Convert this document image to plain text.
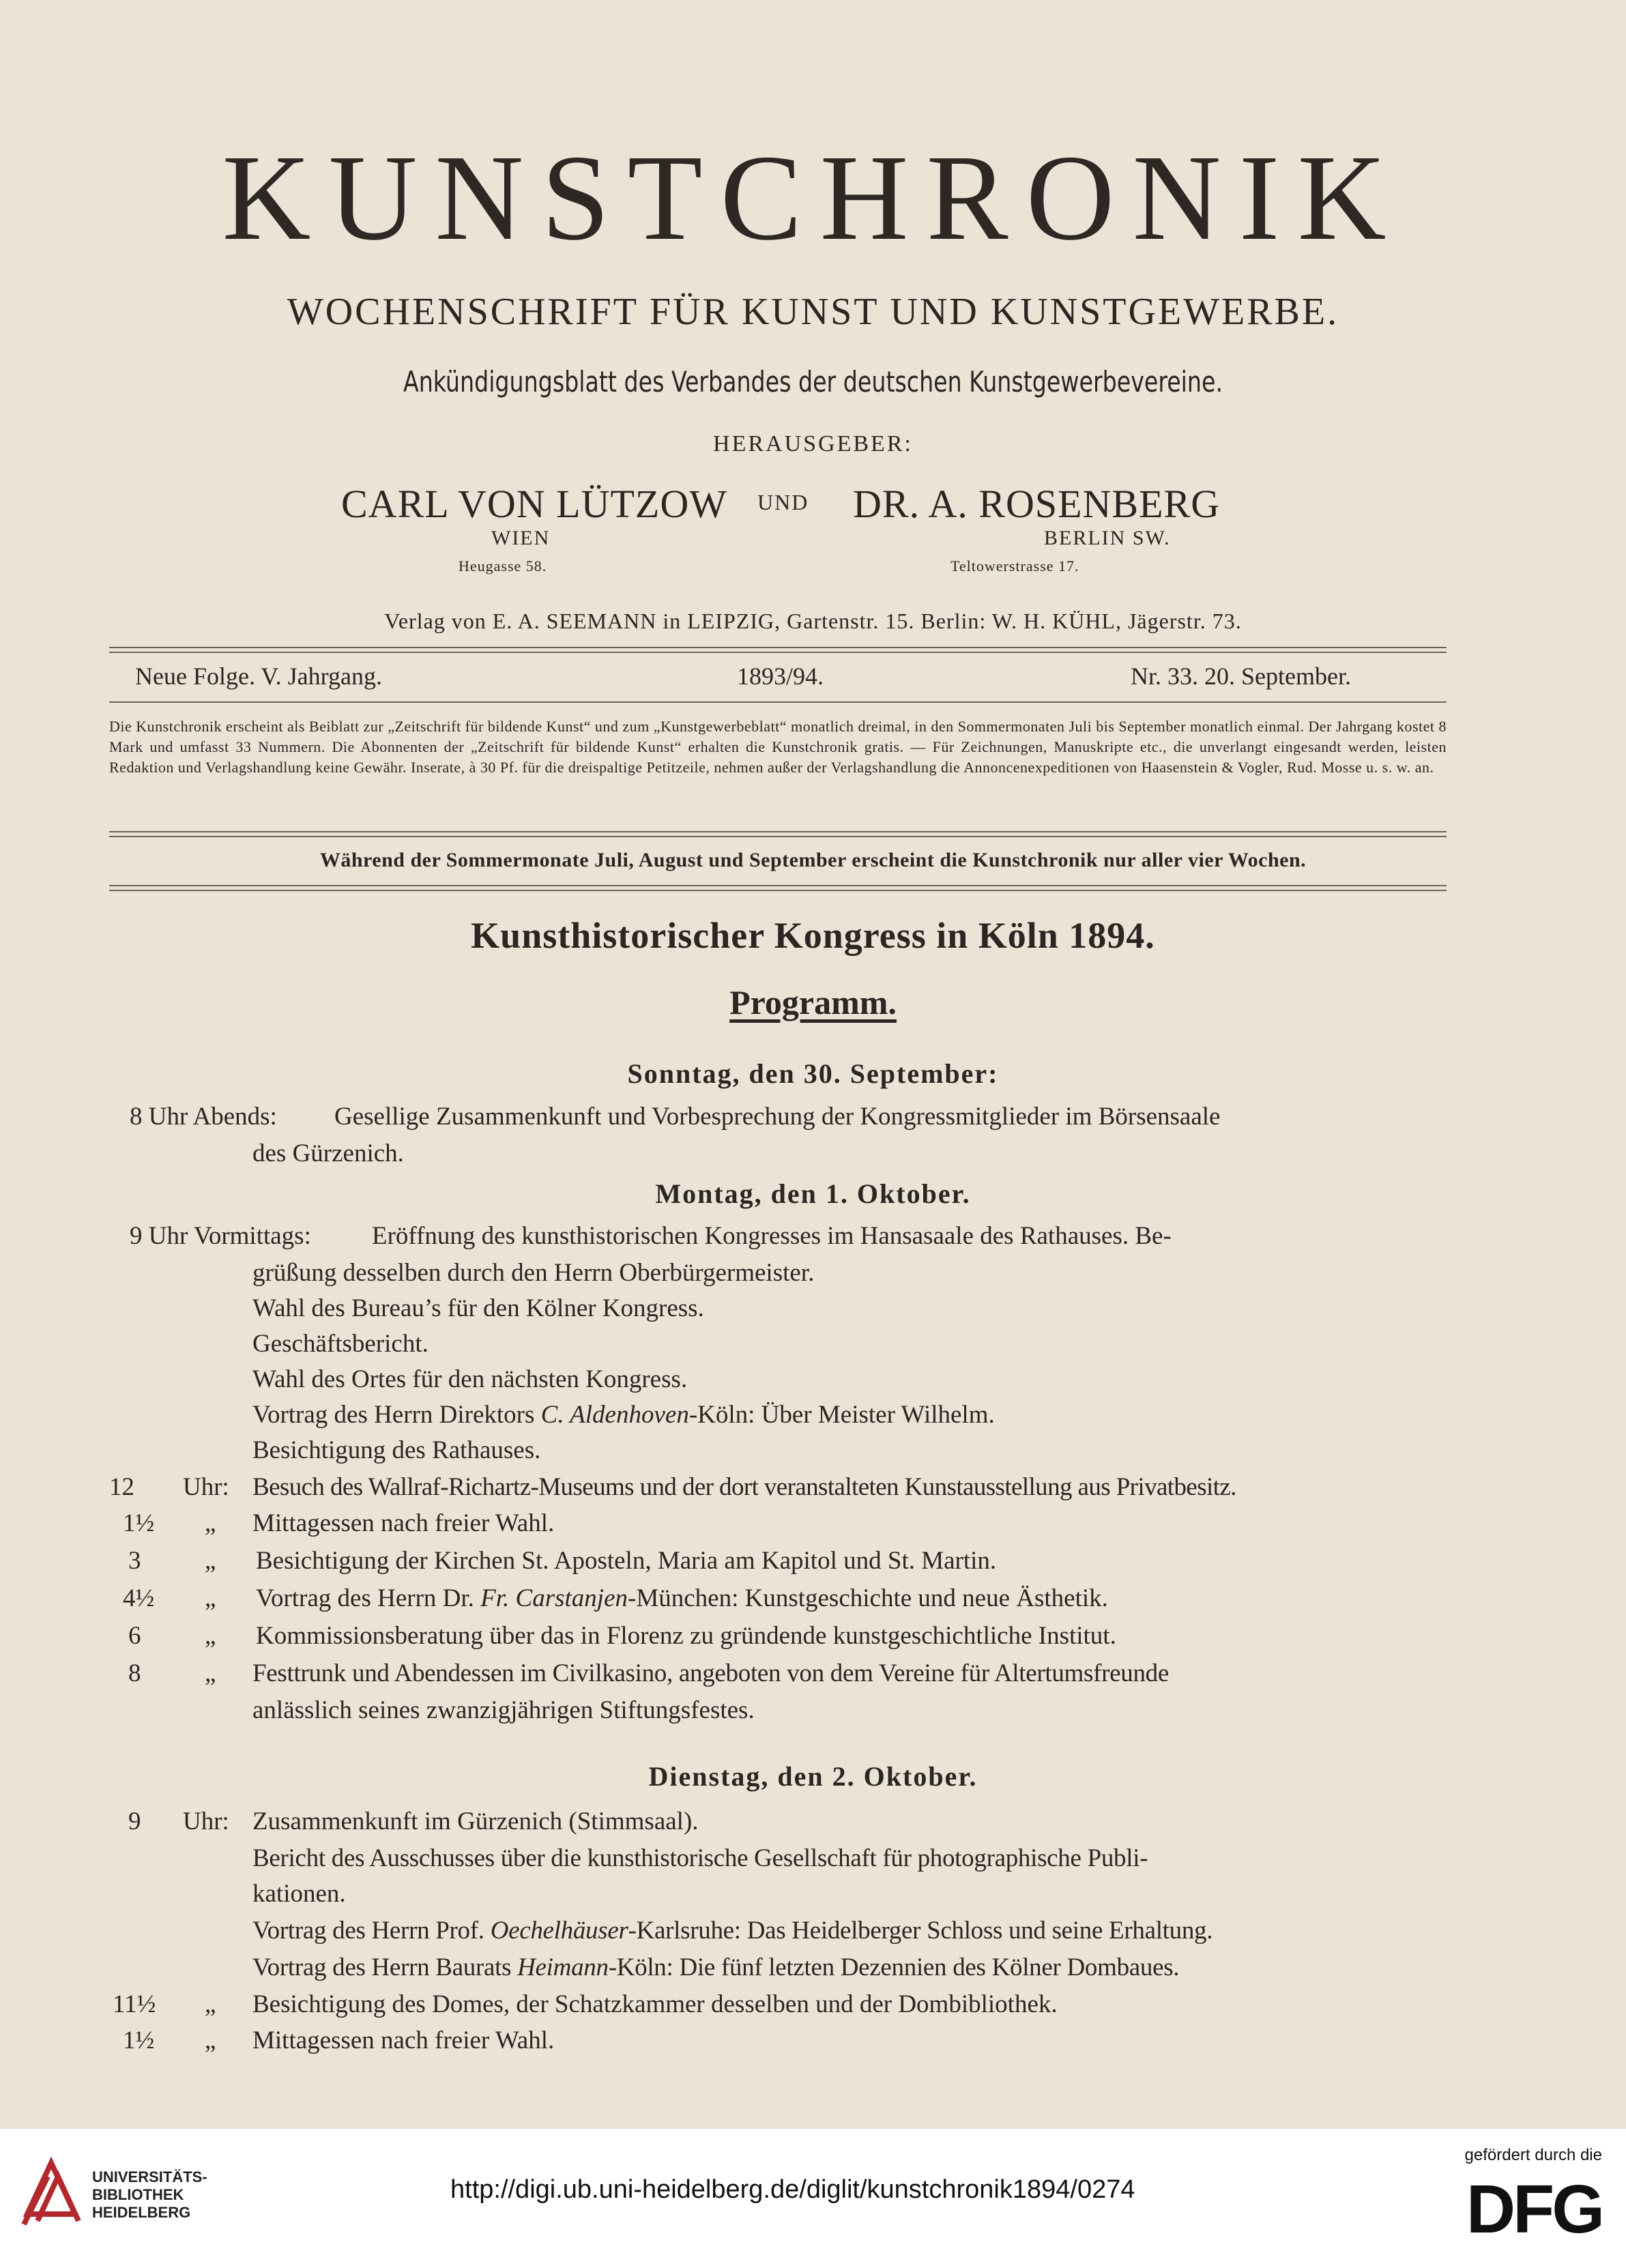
KUNSTCHRONIK
WOCHENSCHRIFT FÜR KUNST UND KUNSTGEWERBE.
Ankündigungsblatt des Verbandes der deutschen Kunstgewerbevereine.
HERAUSGEBER:
CARL VON LÜTZOW UND DR. A. ROSENBERG
WIEN
Heugasse 58.
BERLIN SW.
Teltowerstrasse 17.
Verlag von E. A. SEEMANN in LEIPZIG, Gartenstr. 15. Berlin: W. H. KÜHL, Jägerstr. 73.
Neue Folge. V. Jahrgang.	1893/94.	Nr. 33. 20. September.
Die Kunstchronik erscheint als Beiblatt zur „Zeitschrift für bildende Kunst“ und zum „Kunstgewerbeblatt“ monatlich dreimal, in den Sommermonaten Juli bis September monatlich einmal. Der Jahrgang kostet 8 Mark und umfasst 33 Nummern. Die Abonnenten der „Zeitschrift für bildende Kunst“ erhalten die Kunstchronik gratis. — Für Zeichnungen, Manuskripte etc., die unverlangt eingesandt werden, leisten Redaktion und Verlagshandlung keine Gewähr. Inserate, à 30 Pf. für die dreispaltige Petitzeile, nehmen außer der Verlagshandlung die Annoncenexpeditionen von Haasenstein & Vogler, Rud. Mosse u. s. w. an.
Während der Sommermonate Juli, August und September erscheint die Kunstchronik nur aller vier Wochen.
Kunsthistorischer Kongress in Köln 1894.
Programm.
Sonntag, den 30. September:
8 Uhr Abends: Gesellige Zusammenkunft und Vorbesprechung der Kongressmitglieder im Börsensaale
des Gürzenich.
Montag, den 1. Oktober.
9 Uhr Vormittags: Eröffnung des kunsthistorischen Kongresses im Hansasaale des Rathauses. Be-
grüßung desselben durch den Herrn Oberbürgermeister.
Wahl des Bureau’s für den Kölner Kongress.
Geschäftsbericht.
Wahl des Ortes für den nächsten Kongress.
Vortrag des Herrn Direktors C. Aldenhoven-Köln: Über Meister Wilhelm.
Besichtigung des Rathauses.
12 Uhr: Besuch des Wallraf-Richartz-Museums und der dort veranstalteten Kunstausstellung aus Privatbesitz.
1½ „ Mittagessen nach freier Wahl.
3	„ Besichtigung der Kirchen St. Aposteln, Maria am Kapitol und St. Martin.
4½ „ Vortrag des Herrn Dr. Fr. Carstanjen-München: Kunstgeschichte und neue Ästhetik.
6	„ Kommissionsberatung über das in Florenz zu gründende kunstgeschichtliche Institut.
8	„ Festtrunk und Abendessen im Civilkasino, angeboten von dem Vereine für Altertumsfreunde
anlässlich seines zwanzigjährigen Stiftungsfestes.
Dienstag, den 2. Oktober.
9 Uhr: Zusammenkunft im Gürzenich (Stimmsaal).
Bericht des Ausschusses über die kunsthistorische Gesellschaft für photographische Publi-
kationen.
Vortrag des Herrn Prof. Oechelhäuser-Karlsruhe: Das Heidelberger Schloss und seine Erhaltung.
Vortrag des Herrn Baurats Heimann-Köln: Die fünf letzten Dezennien des Kölner Dombaues.
11½ „ Besichtigung des Domes, der Schatzkammer desselben und der Dombibliothek.
1½ „ Mittagessen nach freier Wahl.
UNIVERSITÄTS-
BIBLIOTHEK
HEIDELBERG
http://digi.ub.uni-heidelberg.de/diglit/kunstchronik1894/0274
gefördert durch die
DFG
